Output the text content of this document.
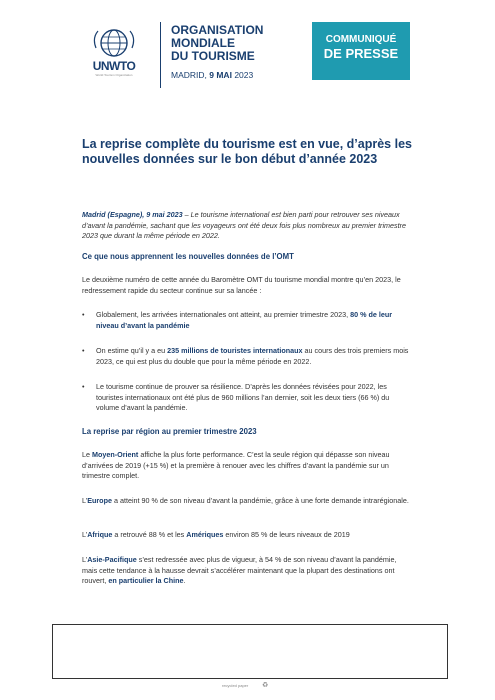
UNWTO
World Tourism Organization
ORGANISATION
MONDIALE
DU TOURISME
MADRID, 9 MAI 2023
COMMUNIQUÉ
DE PRESSE
La reprise complète du tourisme est en vue, d’après les nouvelles données sur le bon début d’année 2023
Madrid (Espagne), 9 mai 2023 – Le tourisme international est bien parti pour retrouver ses niveaux d’avant la pandémie, sachant que les voyageurs ont été deux fois plus nombreux au premier trimestre 2023 que durant la même période en 2022.
Ce que nous apprennent les nouvelles données de l’OMT
Le deuxième numéro de cette année du Baromètre OMT du tourisme mondial montre qu’en 2023, le redressement rapide du secteur continue sur sa lancée :
• Globalement, les arrivées internationales ont atteint, au premier trimestre 2023, 80 % de leur niveau d’avant la pandémie
• On estime qu’il y a eu 235 millions de touristes internationaux au cours des trois premiers mois 2023, ce qui est plus du double que pour la même période en 2022.
• Le tourisme continue de prouver sa résilience. D’après les données révisées pour 2022, les touristes internationaux ont été plus de 960 millions l’an dernier, soit les deux tiers (66 %) du volume d’avant la pandémie.
La reprise par région au premier trimestre 2023
Le Moyen-Orient affiche la plus forte performance. C’est la seule région qui dépasse son niveau d’arrivées de 2019 (+15 %) et la première à renouer avec les chiffres d’avant la pandémie sur un trimestre complet.
L’Europe a atteint 90 % de son niveau d’avant la pandémie, grâce à une forte demande intrarégionale.
L’Afrique a retrouvé 88 % et les Amériques environ 85 % de leurs niveaux de 2019
L’Asie-Pacifique s’est redressée avec plus de vigueur, à 54 % de son niveau d’avant la pandémie, mais cette tendance à la hausse devrait s’accélérer maintenant que la plupart des destinations ont rouvert, en particulier la Chine.
recycled paper ♻
